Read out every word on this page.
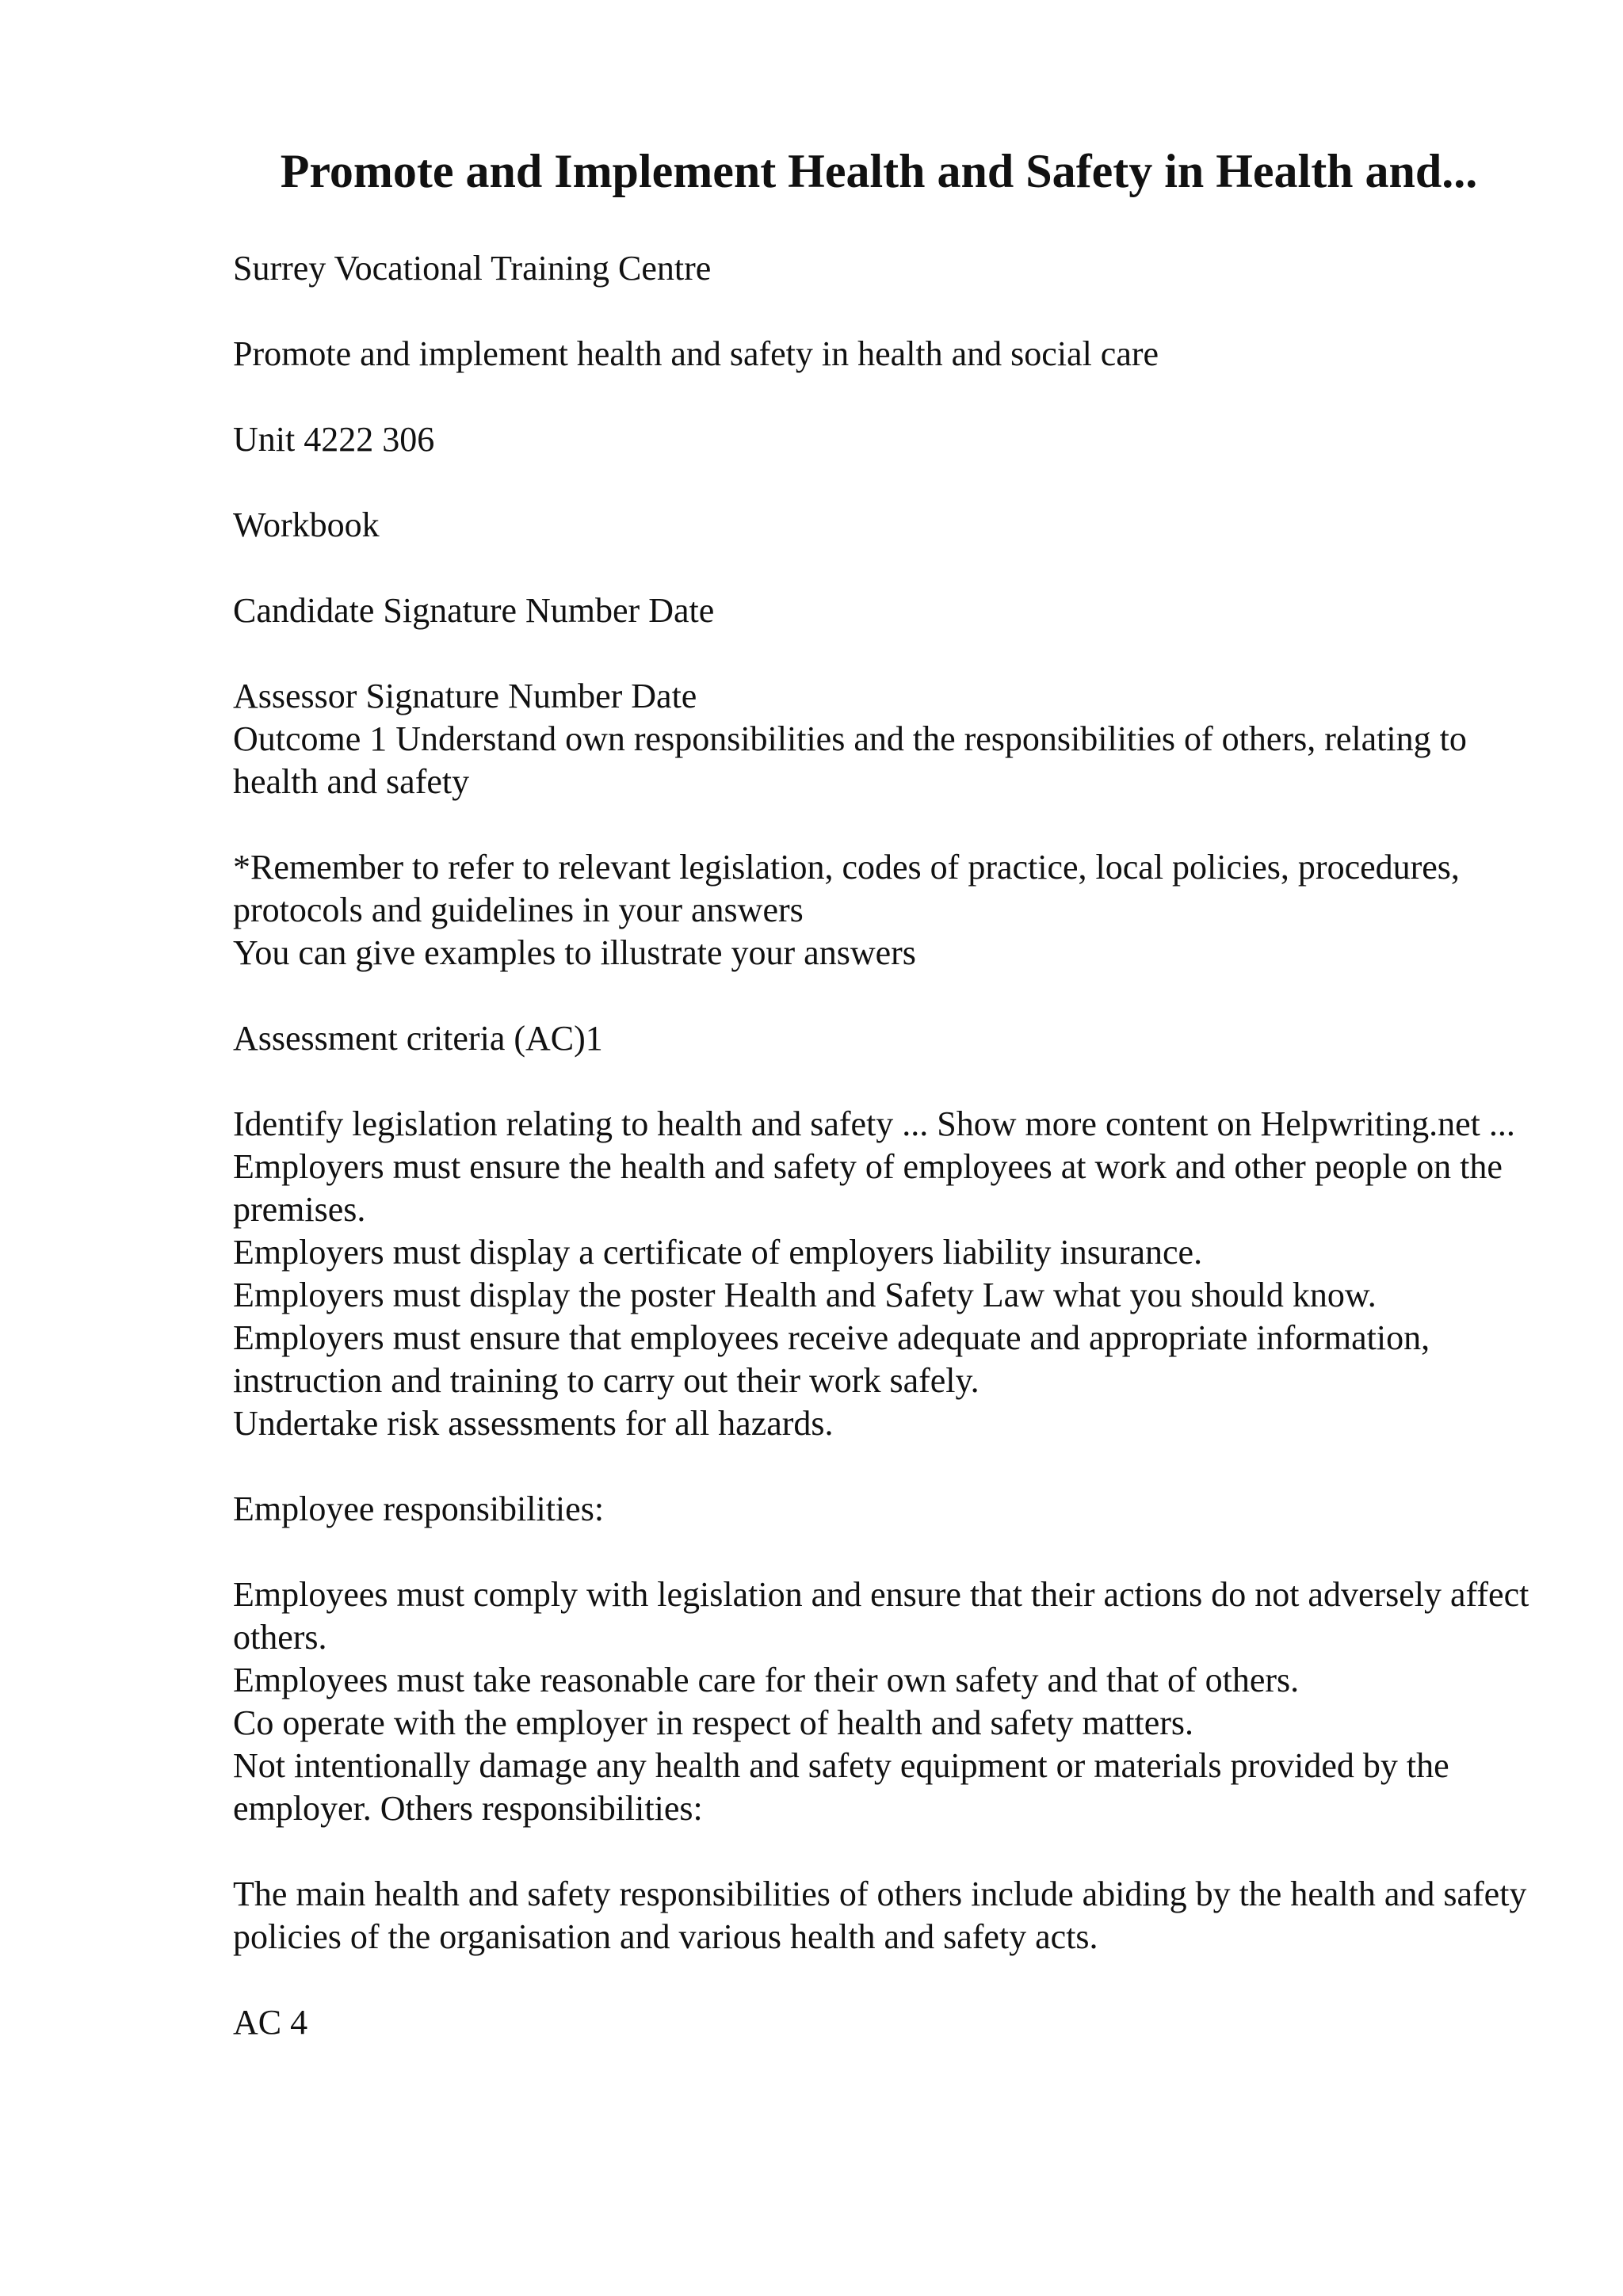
Promote and Implement Health and Safety in Health and...
Surrey Vocational Training Centre
Promote and implement health and safety in health and social care
Unit 4222 306
Workbook
Candidate Signature Number Date
Assessor Signature Number Date
Outcome 1 Understand own responsibilities and the responsibilities of others, relating to health and safety
*Remember to refer to relevant legislation, codes of practice, local policies, procedures, protocols and guidelines in your answers
You can give examples to illustrate your answers
Assessment criteria (AC)1
Identify legislation relating to health and safety ... Show more content on Helpwriting.net ...
Employers must ensure the health and safety of employees at work and other people on the premises.
Employers must display a certificate of employers liability insurance.
Employers must display the poster Health and Safety Law what you should know.
Employers must ensure that employees receive adequate and appropriate information, instruction and training to carry out their work safely.
Undertake risk assessments for all hazards.
Employee responsibilities:
Employees must comply with legislation and ensure that their actions do not adversely affect others.
Employees must take reasonable care for their own safety and that of others.
Co operate with the employer in respect of health and safety matters.
Not intentionally damage any health and safety equipment or materials provided by the employer. Others responsibilities:
The main health and safety responsibilities of others include abiding by the health and safety policies of the organisation and various health and safety acts.
AC 4
